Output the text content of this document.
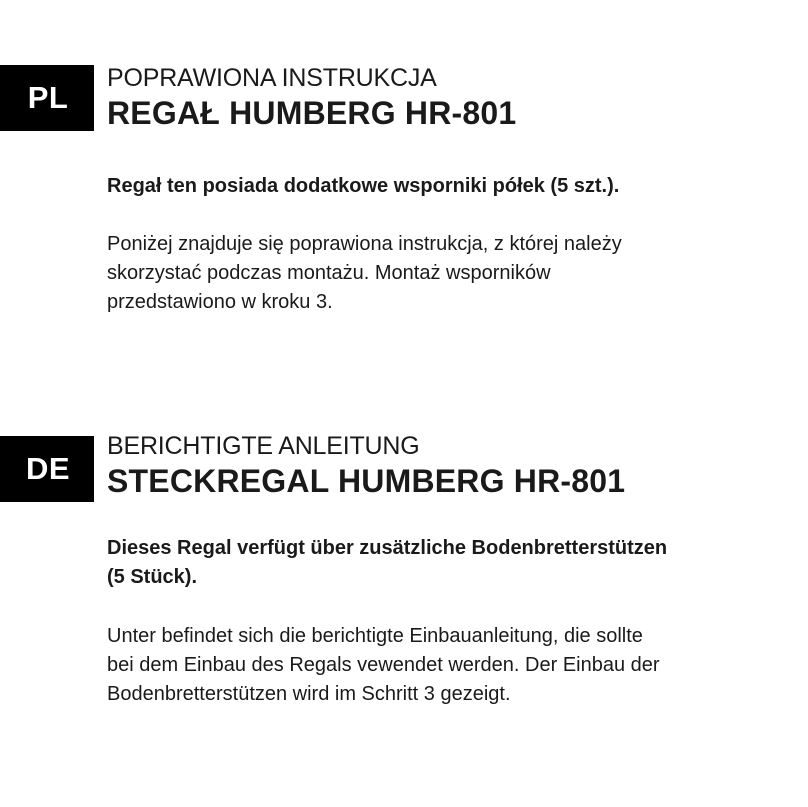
PL

POPRAWIONA INSTRUKCJA

REGAŁ HUMBERG HR-801

Regał ten posiada dodatkowe wsporniki półek (5 szt.).

Poniżej znajduje się poprawiona instrukcja, z której należy

skorzystać podczas montażu. Montaż wsporników

przedstawiono w kroku 3.

DE

BERICHTIGTE ANLEITUNG

STECKREGAL HUMBERG HR-801

Dieses Regal verfügt über zusätzliche Bodenbretterstützen

(5 Stück).

Unter befindet sich die berichtigte Einbauanleitung, die sollte

bei dem Einbau des Regals vewendet werden. Der Einbau der

Bodenbretterstützen wird im Schritt 3 gezeigt.
